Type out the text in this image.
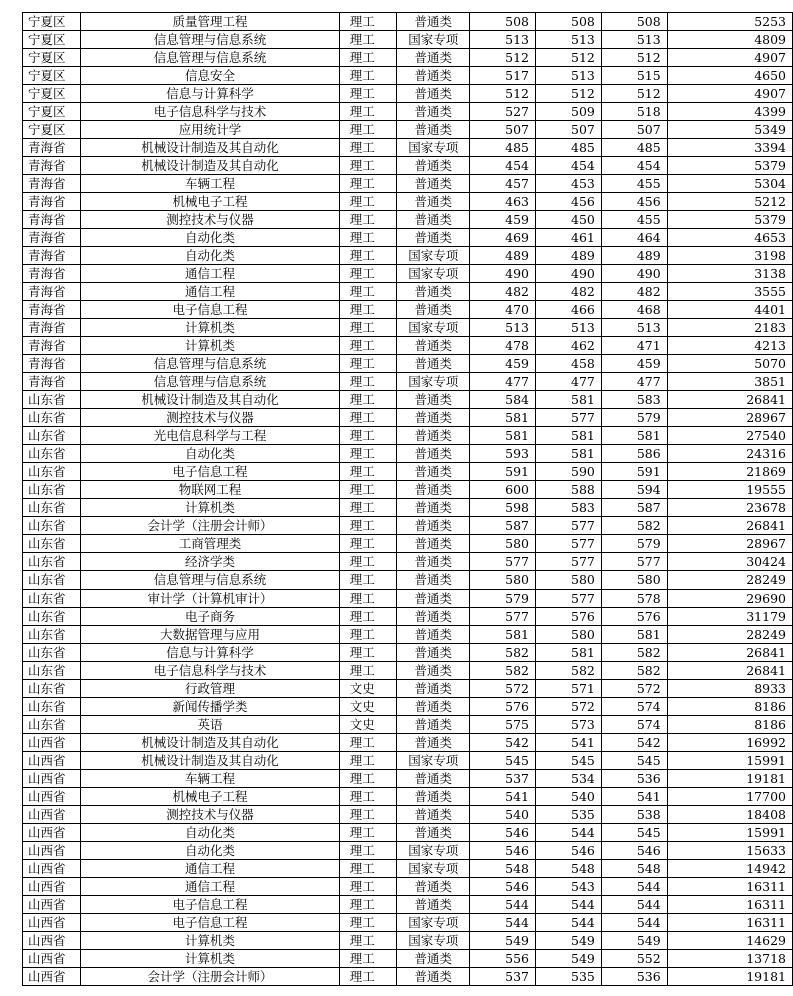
宁夏区	质量管理工程	理工	普通类	508	508	508	5253
宁夏区	信息管理与信息系统	理工	国家专项	513	513	513	4809
宁夏区	信息管理与信息系统	理工	普通类	512	512	512	4907
宁夏区	信息安全	理工	普通类	517	513	515	4650
宁夏区	信息与计算科学	理工	普通类	512	512	512	4907
宁夏区	电子信息科学与技术	理工	普通类	527	509	518	4399
宁夏区	应用统计学	理工	普通类	507	507	507	5349
青海省	机械设计制造及其自动化	理工	国家专项	485	485	485	3394
青海省	机械设计制造及其自动化	理工	普通类	454	454	454	5379
青海省	车辆工程	理工	普通类	457	453	455	5304
青海省	机械电子工程	理工	普通类	463	456	456	5212
青海省	测控技术与仪器	理工	普通类	459	450	455	5379
青海省	自动化类	理工	普通类	469	461	464	4653
青海省	自动化类	理工	国家专项	489	489	489	3198
青海省	通信工程	理工	国家专项	490	490	490	3138
青海省	通信工程	理工	普通类	482	482	482	3555
青海省	电子信息工程	理工	普通类	470	466	468	4401
青海省	计算机类	理工	国家专项	513	513	513	2183
青海省	计算机类	理工	普通类	478	462	471	4213
青海省	信息管理与信息系统	理工	普通类	459	458	459	5070
青海省	信息管理与信息系统	理工	国家专项	477	477	477	3851
山东省	机械设计制造及其自动化	理工	普通类	584	581	583	26841
山东省	测控技术与仪器	理工	普通类	581	577	579	28967
山东省	光电信息科学与工程	理工	普通类	581	581	581	27540
山东省	自动化类	理工	普通类	593	581	586	24316
山东省	电子信息工程	理工	普通类	591	590	591	21869
山东省	物联网工程	理工	普通类	600	588	594	19555
山东省	计算机类	理工	普通类	598	583	587	23678
山东省	会计学（注册会计师）	理工	普通类	587	577	582	26841
山东省	工商管理类	理工	普通类	580	577	579	28967
山东省	经济学类	理工	普通类	577	577	577	30424
山东省	信息管理与信息系统	理工	普通类	580	580	580	28249
山东省	审计学（计算机审计）	理工	普通类	579	577	578	29690
山东省	电子商务	理工	普通类	577	576	576	31179
山东省	大数据管理与应用	理工	普通类	581	580	581	28249
山东省	信息与计算科学	理工	普通类	582	581	582	26841
山东省	电子信息科学与技术	理工	普通类	582	582	582	26841
山东省	行政管理	文史	普通类	572	571	572	8933
山东省	新闻传播学类	文史	普通类	576	572	574	8186
山东省	英语	文史	普通类	575	573	574	8186
山西省	机械设计制造及其自动化	理工	普通类	542	541	542	16992
山西省	机械设计制造及其自动化	理工	国家专项	545	545	545	15991
山西省	车辆工程	理工	普通类	537	534	536	19181
山西省	机械电子工程	理工	普通类	541	540	541	17700
山西省	测控技术与仪器	理工	普通类	540	535	538	18408
山西省	自动化类	理工	普通类	546	544	545	15991
山西省	自动化类	理工	国家专项	546	546	546	15633
山西省	通信工程	理工	国家专项	548	548	548	14942
山西省	通信工程	理工	普通类	546	543	544	16311
山西省	电子信息工程	理工	普通类	544	544	544	16311
山西省	电子信息工程	理工	国家专项	544	544	544	16311
山西省	计算机类	理工	国家专项	549	549	549	14629
山西省	计算机类	理工	普通类	556	549	552	13718
山西省	会计学（注册会计师）	理工	普通类	537	535	536	19181
